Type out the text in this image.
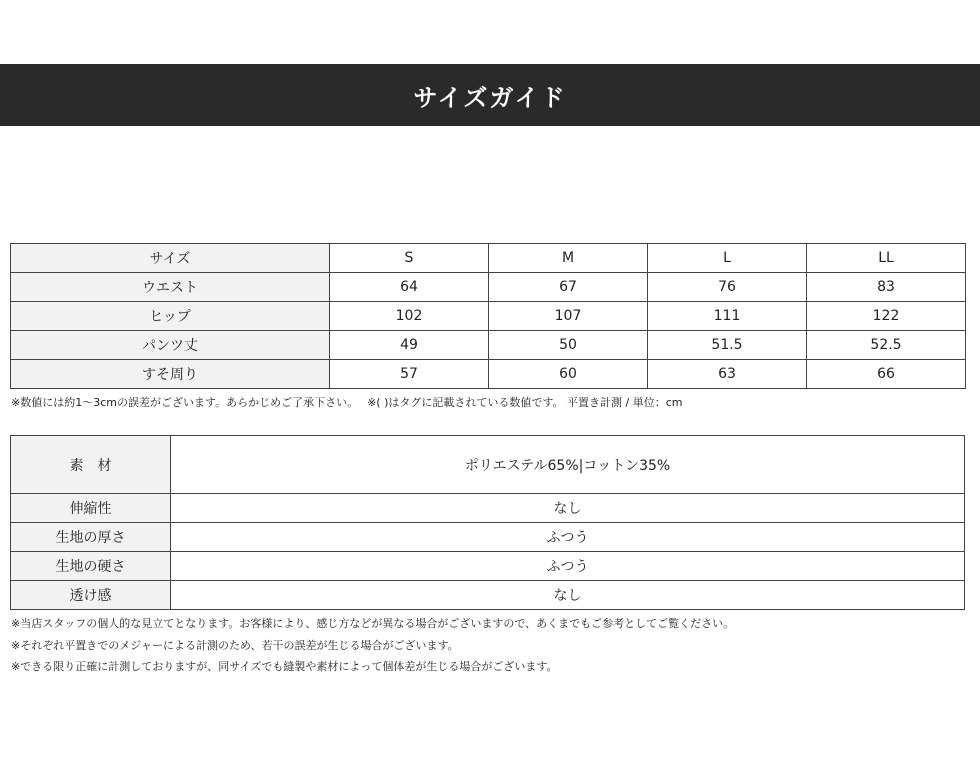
サイズガイド
サイズ	S	M	L	LL
ウエスト	64	67	76	83
ヒップ	102	107	111	122
パンツ丈	49	50	51.5	52.5
すそ周り	57	60	63	66
※数値には約1～3cmの誤差がございます。あらかじめご了承下さい。　 ※( )はタグに記載されている数値です。 平置き計測 / 単位：cm
素　材	ポリエステル65%|コットン35%
伸縮性	なし
生地の厚さ	ふつう
生地の硬さ	ふつう
透け感	なし
※当店スタッフの個人的な見立てとなります。お客様により、感じ方などが異なる場合がございますので、あくまでもご参考としてご覧ください。
※それぞれ平置きでのメジャーによる計測のため、若干の誤差が生じる場合がございます。
※できる限り正確に計測しておりますが、同サイズでも縫製や素材によって個体差が生じる場合がございます。
